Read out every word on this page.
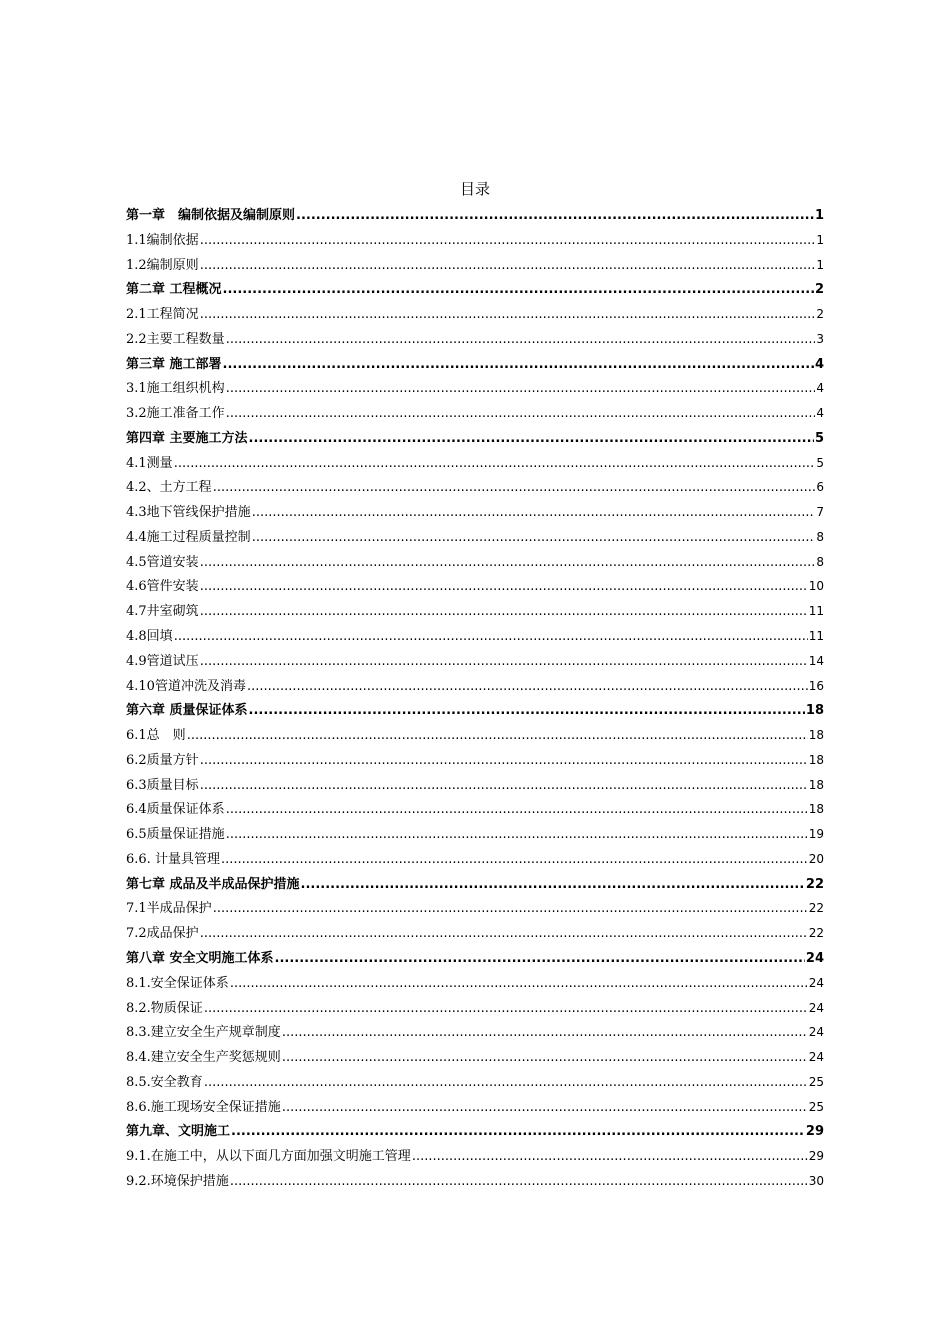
目录
第一章　编制依据及编制原则 .....	1
1.1编制依据 .....	1
1.2编制原则 .....	1
第二章 工程概况 .....	2
2.1工程简况 .....	2
2.2主要工程数量 .....	3
第三章 施工部署 .....	4
3.1施工组织机构 .....	4
3.2施工准备工作 .....	4
第四章 主要施工方法 .....	5
4.1测量 .....	5
4.2、土方工程 .....	6
4.3地下管线保护措施 .....	7
4.4施工过程质量控制 .....	8
4.5管道安装 .....	8
4.6管件安装 .....	10
4.7井室砌筑 .....	11
4.8回填 .....	11
4.9管道试压 .....	14
4.10管道冲洗及消毒 .....	16
第六章 质量保证体系 .....	18
6.1总　则 .....	18
6.2质量方针 .....	18
6.3质量目标 .....	18
6.4质量保证体系 .....	18
6.5质量保证措施 .....	19
6.6. 计量具管理 .....	20
第七章 成品及半成品保护措施 .....	22
7.1半成品保护 .....	22
7.2成品保护 .....	22
第八章 安全文明施工体系 .....	24
8.1.安全保证体系 .....	24
8.2.物质保证 .....	24
8.3.建立安全生产规章制度 .....	24
8.4.建立安全生产奖惩规则 .....	24
8.5.安全教育 .....	25
8.6.施工现场安全保证措施 .....	25
第九章、文明施工 .....	29
9.1.在施工中，从以下面几方面加强文明施工管理 .....	29
9.2.环境保护措施 .....	30
